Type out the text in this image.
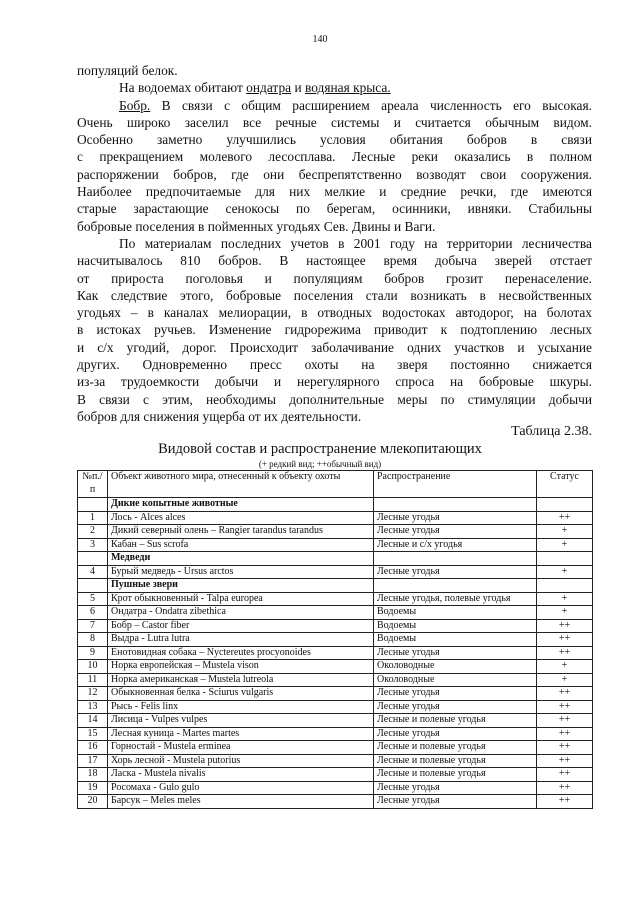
140
популяций белок.
На водоемах обитают ондатра и водяная крыса.
Бобр. В связи с общим расширением ареала численность его высокая.
Очень широко заселил все речные системы и считается обычным видом.
Особенно заметно улучшились условия обитания бобров в связи
с прекращением молевого лесосплава. Лесные реки оказались в полном
распоряжении бобров, где они беспрепятственно возводят свои сооружения.
Наиболее предпочитаемые для них мелкие и средние речки, где имеются
старые зарастающие сенокосы по берегам, осинники, ивняки. Стабильны
бобровые поселения в пойменных угодьях Сев. Двины и Ваги.
По материалам последних учетов в 2001 году на территории лесничества
насчитывалось 810 бобров. В настоящее время добыча зверей отстает
от прироста поголовья и популяциям бобров грозит перенаселение.
Как следствие этого, бобровые поселения стали возникать в несвойственных
угодьях – в каналах мелиорации, в отводных водостоках автодорог, на болотах
в истоках ручьев. Изменение гидрорежима приводит к подтоплению лесных
и с/х угодий, дорог. Происходит заболачивание одних участков и усыхание
других. Одновременно пресс охоты на зверя постоянно снижается
из-за трудоемкости добычи и нерегулярного спроса на бобровые шкуры.
В связи с этим, необходимы дополнительные меры по стимуляции добычи
бобров для снижения ущерба от их деятельности.
Таблица 2.38.
Видовой состав и распространение млекопитающих
(+ редкий вид; ++обычный вид)
№п./п	Объект животного мира, отнесенный к объекту охоты	Распространение	Статус
	Дикие копытные животные		
1	Лось - Alces alces	Лесные угодья	++
2	Дикий северный олень – Rangier tarandus tarandus	Лесные угодья	+
3	Кабан – Sus scrofa	Лесные и с/х угодья	+
	Медведи		
4	Бурый медведь - Ursus arctos	Лесные угодья	+
	Пушные звери		
5	Крот обыкновенный - Talpa europea	Лесные угодья, полевые угодья	+
6	Ондатра - Ondatra zibethica	Водоемы	+
7	Бобр – Castor fiber	Водоемы	++
8	Выдра - Lutra lutra	Водоемы	++
9	Енотовидная собака – Nyctereutes procyonoides	Лесные угодья	++
10	Норка европейская – Mustela vison	Околоводные	+
11	Норка американская – Mustela lutreola	Околоводные	+
12	Обыкновенная белка - Sciurus vulgaris	Лесные угодья	++
13	Рысь - Felis linx	Лесные угодья	++
14	Лисица - Vulpes vulpes	Лесные и полевые угодья	++
15	Лесная куница - Martes martes	Лесные угодья	++
16	Горностай - Mustela erminea	Лесные и полевые угодья	++
17	Хорь лесной - Mustela putorius	Лесные и полевые угодья	++
18	Ласка - Mustela nivalis	Лесные и полевые угодья	++
19	Росомаха - Gulo gulo	Лесные угодья	++
20	Барсук – Meles meles	Лесные угодья	++
